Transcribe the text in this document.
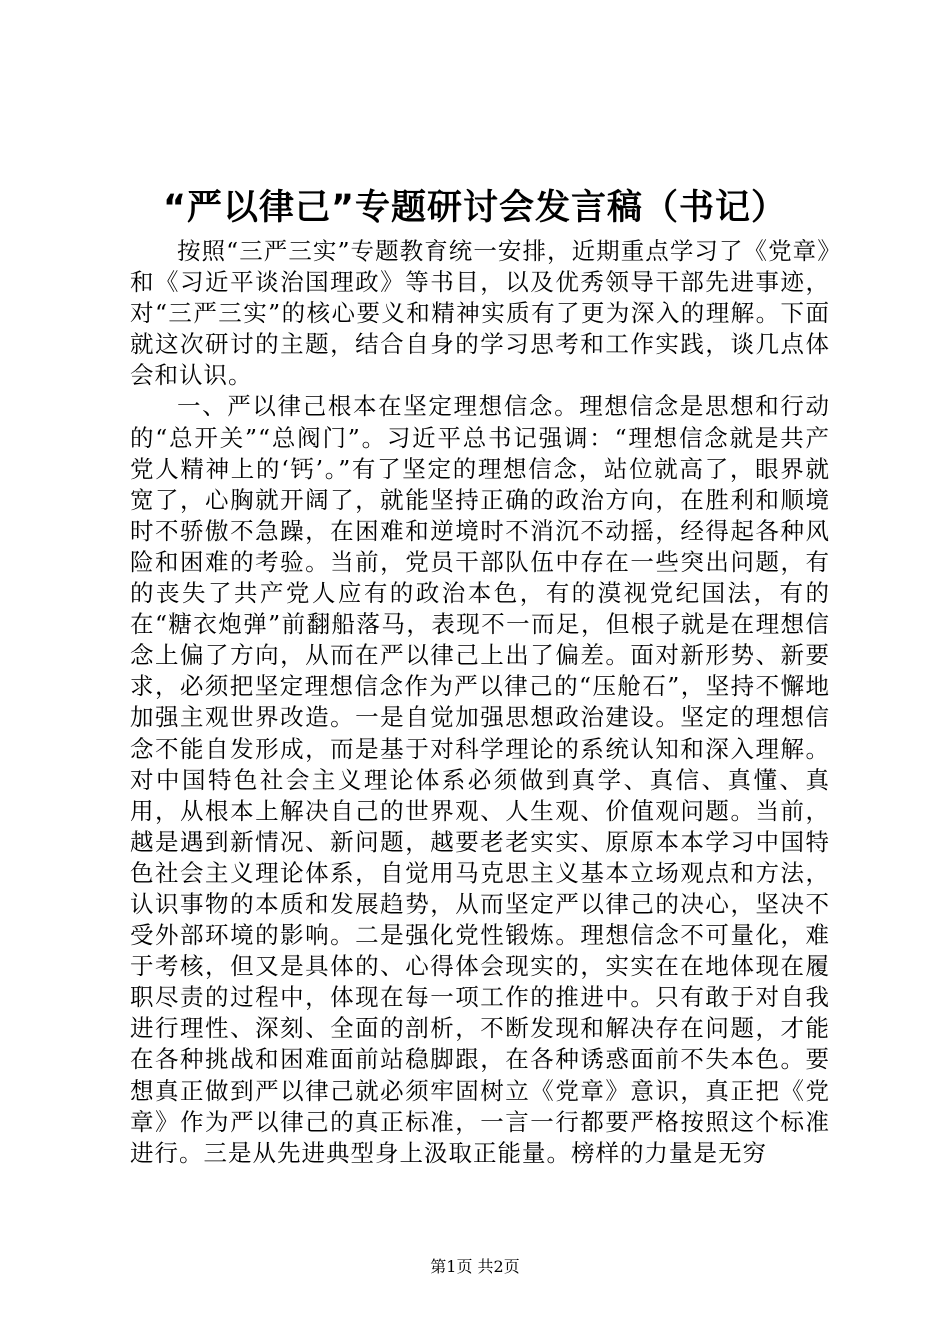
“严以律己”专题研讨会发言稿（书记）

按照“三严三实”专题教育统一安排，近期重点学习了《党章》和《习近平谈治国理政》等书目，以及优秀领导干部先进事迹，对“三严三实”的核心要义和精神实质有了更为深入的理解。下面就这次研讨的主题，结合自身的学习思考和工作实践，谈几点体会和认识。

一、严以律己根本在坚定理想信念。理想信念是思想和行动的“总开关”“总阀门”。习近平总书记强调：“理想信念就是共产党人精神上的‘钙’。”有了坚定的理想信念，站位就高了，眼界就宽了，心胸就开阔了，就能坚持正确的政治方向，在胜利和顺境时不骄傲不急躁，在困难和逆境时不消沉不动摇，经得起各种风险和困难的考验。当前，党员干部队伍中存在一些突出问题，有的丧失了共产党人应有的政治本色，有的漠视党纪国法，有的在“糖衣炮弹”前翻船落马，表现不一而足，但根子就是在理想信念上偏了方向，从而在严以律己上出了偏差。面对新形势、新要求，必须把坚定理想信念作为严以律己的“压舱石”，坚持不懈地加强主观世界改造。一是自觉加强思想政治建设。坚定的理想信念不能自发形成，而是基于对科学理论的系统认知和深入理解。对中国特色社会主义理论体系必须做到真学、真信、真懂、真用，从根本上解决自己的世界观、人生观、价值观问题。当前，越是遇到新情况、新问题，越要老老实实、原原本本学习中国特色社会主义理论体系，自觉用马克思主义基本立场观点和方法，认识事物的本质和发展趋势，从而坚定严以律己的决心，坚决不受外部环境的影响。二是强化党性锻炼。理想信念不可量化，难于考核，但又是具体的、心得体会现实的，实实在在地体现在履职尽责的过程中，体现在每一项工作的推进中。只有敢于对自我进行理性、深刻、全面的剖析，不断发现和解决存在问题，才能在各种挑战和困难面前站稳脚跟，在各种诱惑面前不失本色。要想真正做到严以律己就必须牢固树立《党章》意识，真正把《党章》作为严以律己的真正标准，一言一行都要严格按照这个标准进行。三是从先进典型身上汲取正能量。榜样的力量是无穷

第1页 共2页
